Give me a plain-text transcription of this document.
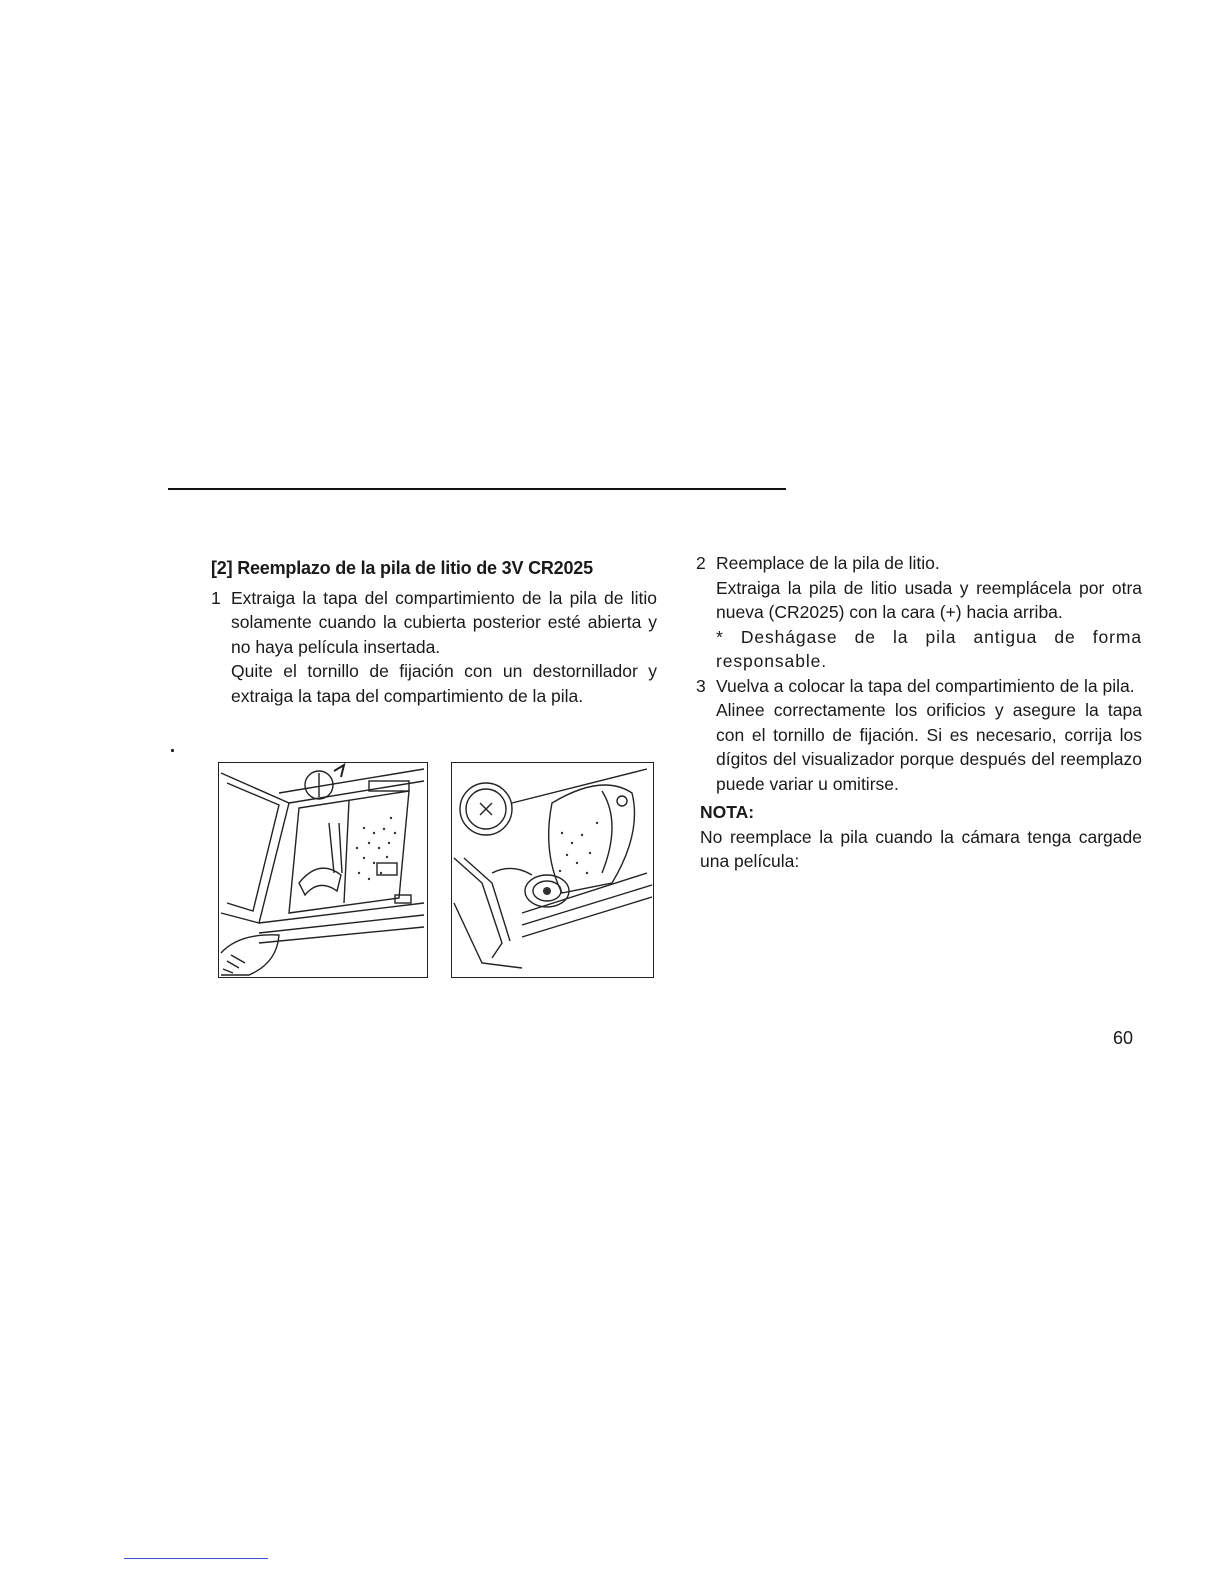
[2] Reemplazo de la pila de litio de 3V CR2025

1 Extraiga la tapa del compartimiento de la pila de litio solamente cuando la cubierta posterior esté abierta y no haya película insertada.

Quite el tornillo de fijación con un destornillador y extraiga la tapa del compartimiento de la pila.

2 Reemplace de la pila de litio.

Extraiga la pila de litio usada y reemplácela por otra nueva (CR2025) con la cara (+) hacia arriba.

* Deshágase de la pila antigua de forma responsable.

3 Vuelva a colocar la tapa del compartimiento de la pila.

Alinee correctamente los orificios y asegure la tapa con el tornillo de fijación. Si es necesario, corrija los dígitos del visualizador porque después del reemplazo puede variar u omitirse.

NOTA:

No reemplace la pila cuando la cámara tenga cargade una película:

60
